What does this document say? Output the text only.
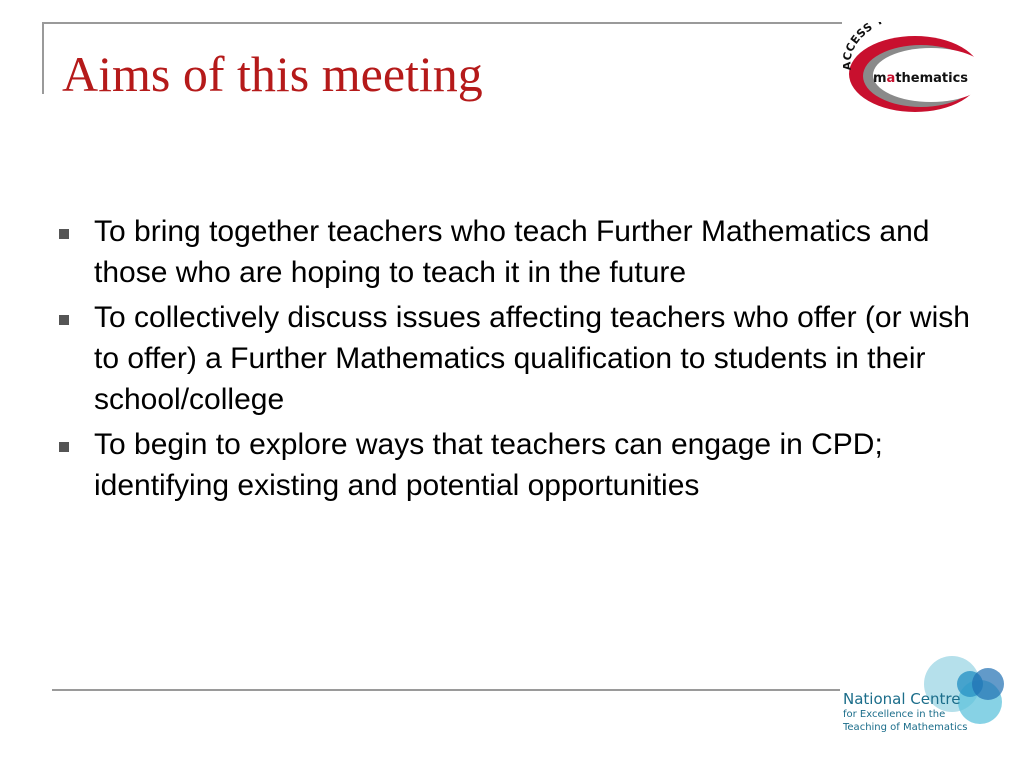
Aims of this meeting	CESS
mathematics
To bring together teachers who teach Further Mathematics and those who are hoping to teach it in the future
To collectively discuss issues affecting teachers who offer (or wish to offer) a Further Mathematics qualification to students in their school/college
To begin to explore ways that teachers can engage in CPD; identifying existing and potential opportunities
National Centre
for Excellence in the
Teaching of Mathematics
